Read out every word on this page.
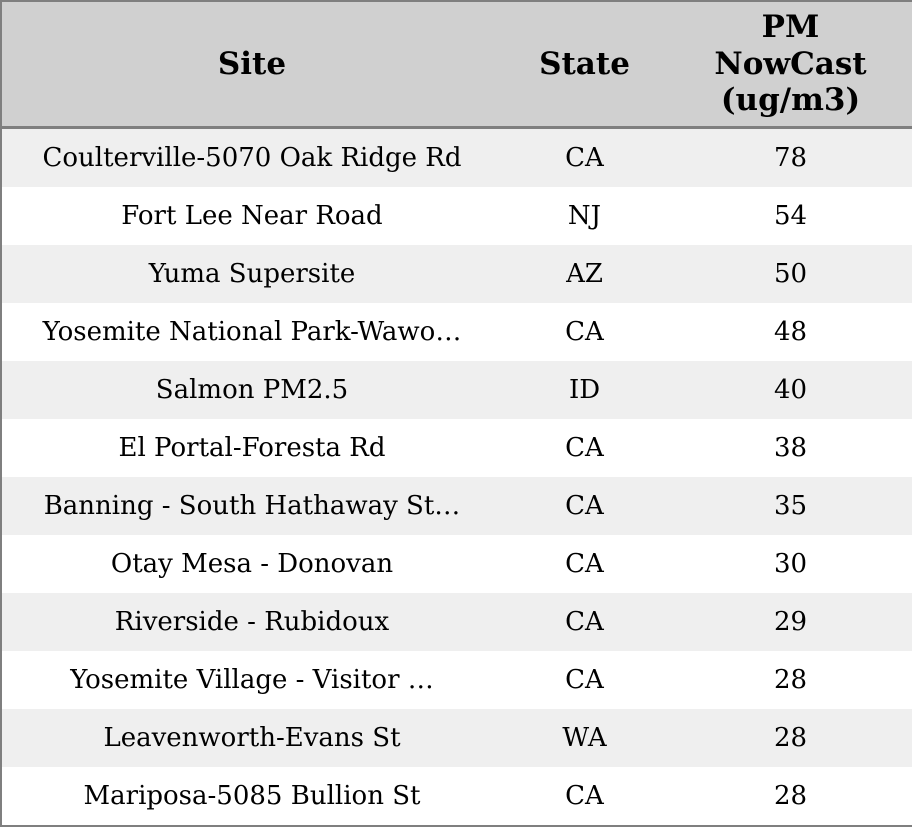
Site	State	PM NowCast (ug/m3)
Coulterville-5070 Oak Ridge Rd	CA	78
Fort Lee Near Road	NJ	54
Yuma Supersite	AZ	50
Yosemite National Park-Wawo…	CA	48
Salmon PM2.5	ID	40
El Portal-Foresta Rd	CA	38
Banning - South Hathaway St…	CA	35
Otay Mesa - Donovan	CA	30
Riverside - Rubidoux	CA	29
Yosemite Village - Visitor …	CA	28
Leavenworth-Evans St	WA	28
Mariposa-5085 Bullion St	CA	28
